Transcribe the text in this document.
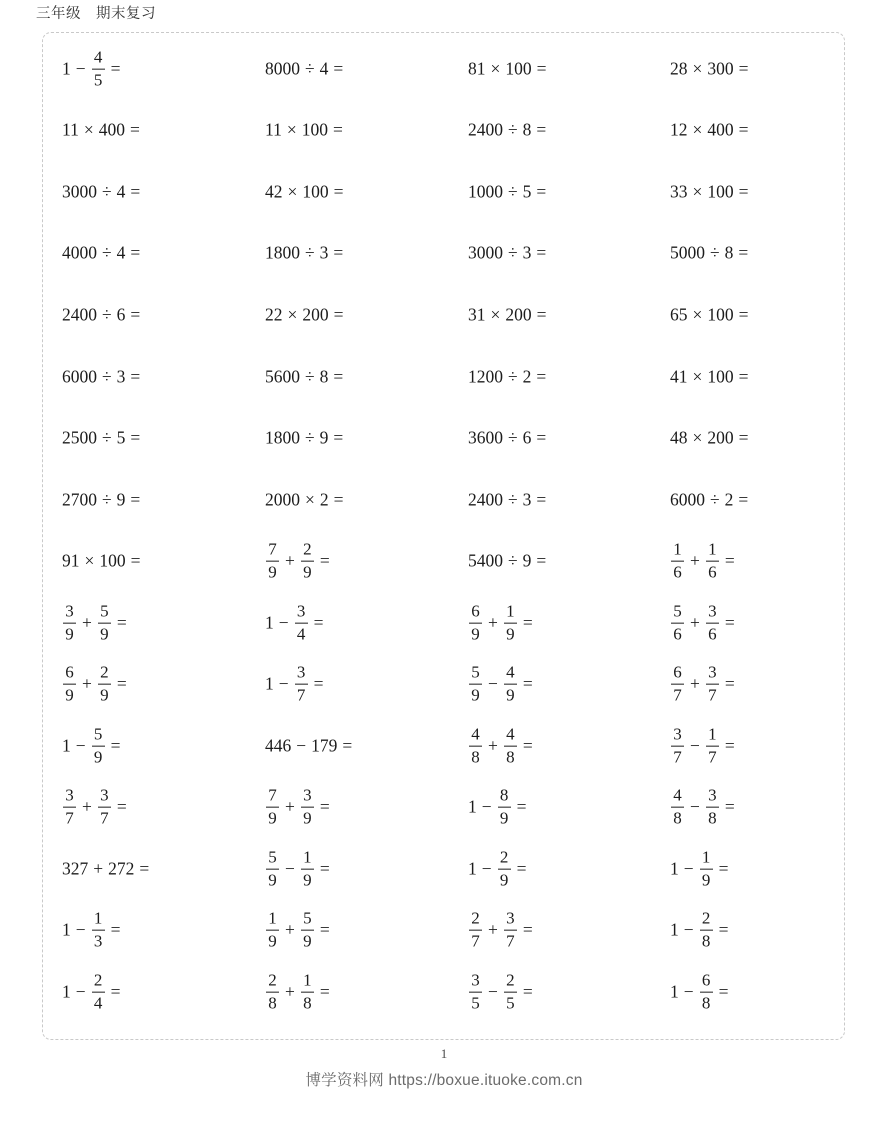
三年级　期末复习
$1 - \frac{4}{5}$ =	8000 ÷ 4 =	81 × 100 =	28 × 300 =
11 × 400 =	11 × 100 =	2400 ÷ 8 =	12 × 400 =
3000 ÷ 4 =	42 × 100 =	1000 ÷ 5 =	33 × 100 =
4000 ÷ 4 =	1800 ÷ 3 =	3000 ÷ 3 =	5000 ÷ 8 =
2400 ÷ 6 =	22 × 200 =	31 × 200 =	65 × 100 =
6000 ÷ 3 =	5600 ÷ 8 =	1200 ÷ 2 =	41 × 100 =
2500 ÷ 5 =	1800 ÷ 9 =	3600 ÷ 6 =	48 × 200 =
2700 ÷ 9 =	2000 × 2 =	2400 ÷ 3 =	6000 ÷ 2 =
91 × 100 =	$\frac{7}{9} + \frac{2}{9}$ =	5400 ÷ 9 =	$\frac{1}{6} + \frac{1}{6}$ =
$\frac{3}{9} + \frac{5}{9}$ =	$1 - \frac{3}{4}$ =	$\frac{6}{9} + \frac{1}{9}$ =	$\frac{5}{6} + \frac{3}{6}$ =
$\frac{6}{9} + \frac{2}{9}$ =	$1 - \frac{3}{7}$ =	$\frac{5}{9} - \frac{4}{9}$ =	$\frac{6}{7} + \frac{3}{7}$ =
$1 - \frac{5}{9}$ =	446 − 179 =	$\frac{4}{8} + \frac{4}{8}$ =	$\frac{3}{7} - \frac{1}{7}$ =
$\frac{3}{7} + \frac{3}{7}$ =	$\frac{7}{9} + \frac{3}{9}$ =	$1 - \frac{8}{9}$ =	$\frac{4}{8} - \frac{3}{8}$ =
327 + 272 =	$\frac{5}{9} - \frac{1}{9}$ =	$1 - \frac{2}{9}$ =	$1 - \frac{1}{9}$ =
$1 - \frac{1}{3}$ =	$\frac{1}{9} + \frac{5}{9}$ =	$\frac{2}{7} + \frac{3}{7}$ =	$1 - \frac{2}{8}$ =
$1 - \frac{2}{4}$ =	$\frac{2}{8} + \frac{1}{8}$ =	$\frac{3}{5} - \frac{2}{5}$ =	$1 - \frac{6}{8}$ =
1
博学资料网 https://boxue.ituoke.com.cn
